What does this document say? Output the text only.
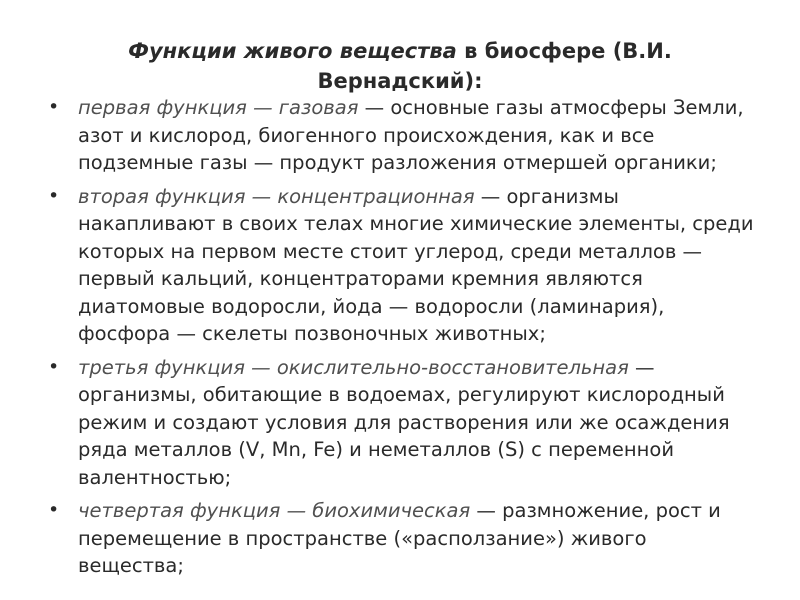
Функции живого вещества в биосфере (В.И. Вернадский):
• первая функция — газовая — основные газы атмосферы Земли, азот и кислород, биогенного происхождения, как и все подземные газы — продукт разложения отмершей органики;
• вторая функция — концентрационная — организмы накапливают в своих телах многие химические элементы, среди которых на первом месте стоит углерод, среди металлов — первый кальций, концентраторами кремния являются диатомовые водоросли, йода — водоросли (ламинария), фосфора — скелеты позвоночных животных;
• третья функция — окислительно-восстановительная — организмы, обитающие в водоемах, регулируют кислородный режим и создают условия для растворения или же осаждения ряда металлов (V, Mn, Fe) и неметаллов (S) с переменной валентностью;
• четвертая функция — биохимическая — размножение, рост и перемещение в пространстве («расползание») живого вещества;
